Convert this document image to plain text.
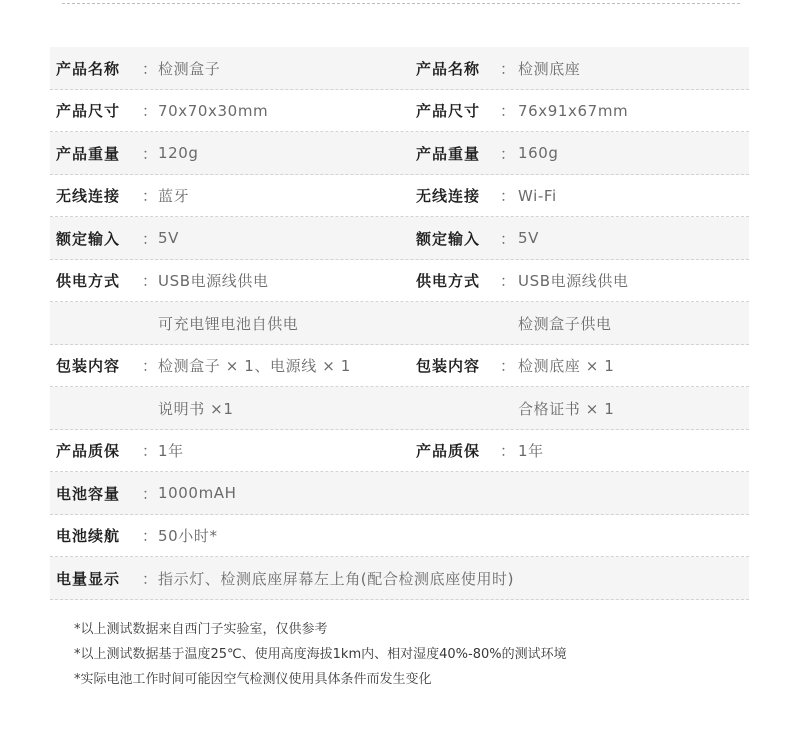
产品名称 ： 检测盒子	产品名称 ： 检测底座
产品尺寸 ： 70x70x30mm	产品尺寸 ： 76x91x67mm
产品重量 ： 120g	产品重量 ： 160g
无线连接 ： 蓝牙	无线连接 ： Wi-Fi
额定输入 ： 5V	额定输入 ： 5V
供电方式 ： USB电源线供电	供电方式 ： USB电源线供电
可充电锂电池自供电	检测盒子供电
包装内容 ： 检测盒子 × 1、电源线 × 1	包装内容 ： 检测底座 × 1
说明书 ×1	合格证书 × 1
产品质保 ： 1年	产品质保 ： 1年
电池容量 ： 1000mAH
电池续航 ： 50小时*
电量显示 ： 指示灯、检测底座屏幕左上角(配合检测底座使用时)
*以上测试数据来自西门子实验室，仅供参考
*以上测试数据基于温度25℃、使用高度海拔1km内、相对湿度40%-80%的测试环境
*实际电池工作时间可能因空气检测仪使用具体条件而发生变化
